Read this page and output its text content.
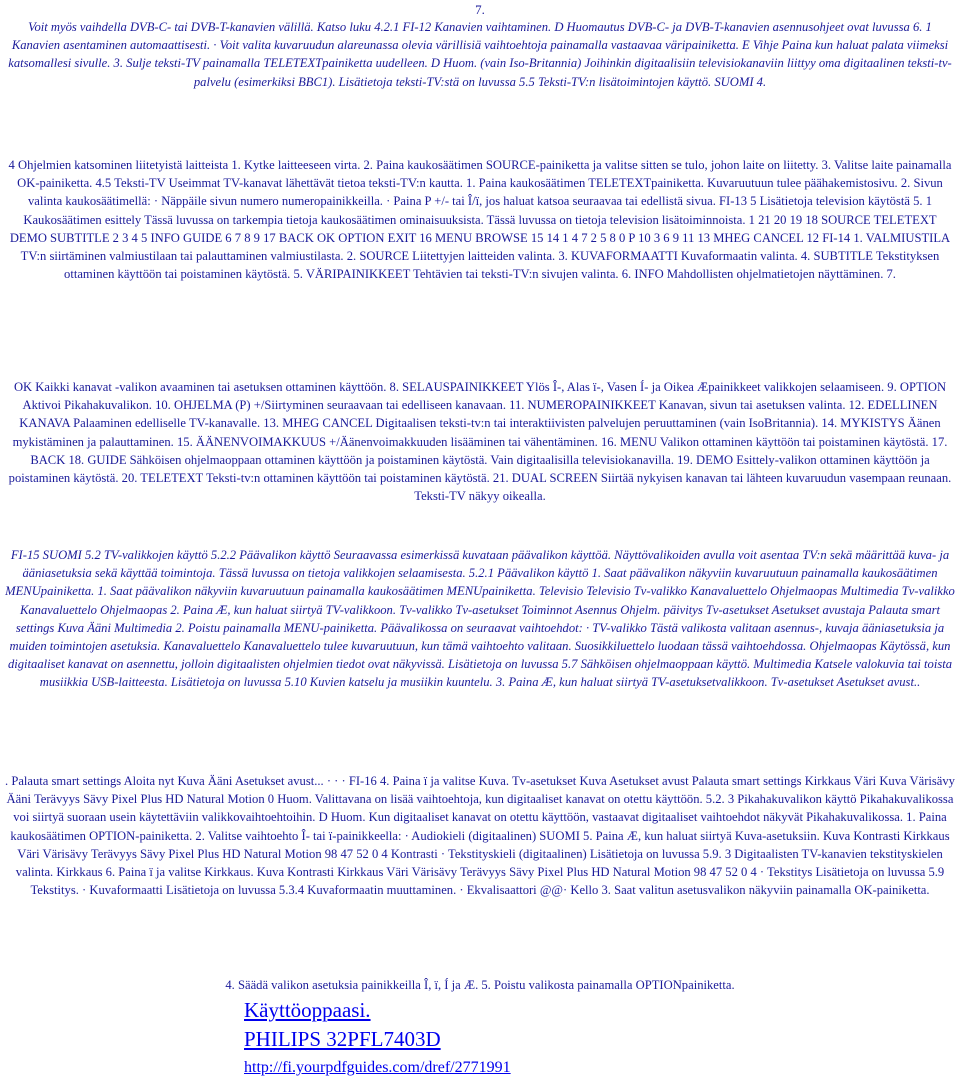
7.

Voit myös vaihdella DVB-C- tai DVB-T-kanavien välillä. Katso luku 4.2.1 FI-12 Kanavien vaihtaminen. D Huomautus DVB-C- ja DVB-T-kanavien asennusohjeet ovat luvussa 6. 1 Kanavien asentaminen automaattisesti. · Voit valita kuvaruudun alareunassa olevia värillisiä vaihtoehtoja painamalla vastaavaa väripainiketta. E Vihje Paina kun haluat palata viimeksi katsomallesi sivulle. 3. Sulje teksti-TV painamalla TELETEXTpainiketta uudelleen. D Huom. (vain Iso-Britannia) Joihinkin digitaalisiin televisiokanaviin liittyy oma digitaalinen teksti-tv-palvelu (esimerkiksi BBC1). Lisätietoja teksti-TV:stä on luvussa 5.5 Teksti-TV:n lisätoimintojen käyttö. SUOMI 4.

4 Ohjelmien katsominen liitetyistä laitteista 1. Kytke laitteeseen virta. 2. Paina kaukosäätimen SOURCE-painiketta ja valitse sitten se tulo, johon laite on liitetty. 3. Valitse laite painamalla OK-painiketta. 4.5 Teksti-TV Useimmat TV-kanavat lähettävät tietoa teksti-TV:n kautta. 1. Paina kaukosäätimen TELETEXTpainiketta. Kuvaruutuun tulee päähakemistosivu. 2. Sivun valinta kaukosäätimellä: · Näppäile sivun numero numeropainikkeilla. · Paina P +/- tai Î/ï, jos haluat katsoa seuraavaa tai edellistä sivua. FI-13 5 Lisätietoja television käytöstä 5. 1 Kaukosäätimen esittely Tässä luvussa on tarkempia tietoja kaukosäätimen ominaisuuksista. Tässä luvussa on tietoja television lisätoiminnoista. 1 21 20 19 18 SOURCE TELETEXT DEMO SUBTITLE 2 3 4 5 INFO GUIDE 6 7 8 9 17 BACK OK OPTION EXIT 16 MENU BROWSE 15 14 1 4 7 2 5 8 0 P 10 3 6 9 11 13 MHEG CANCEL 12 FI-14 1. VALMIUSTILA TV:n siirtäminen valmiustilaan tai palauttaminen valmiustilasta. 2. SOURCE Liitettyjen laitteiden valinta. 3. KUVAFORMAATTI Kuvaformaatin valinta. 4. SUBTITLE Tekstityksen ottaminen käyttöön tai poistaminen käytöstä. 5. VÄRIPAINIKKEET Tehtävien tai teksti-TV:n sivujen valinta. 6. INFO Mahdollisten ohjelmatietojen näyttäminen. 7.

OK Kaikki kanavat -valikon avaaminen tai asetuksen ottaminen käyttöön. 8. SELAUSPAINIKKEET Ylös Î-, Alas ï-, Vasen Í- ja Oikea Æpainikkeet valikkojen selaamiseen. 9. OPTION Aktivoi Pikahakuvalikon. 10. OHJELMA (P) +/Siirtyminen seuraavaan tai edelliseen kanavaan. 11. NUMEROPAINIKKEET Kanavan, sivun tai asetuksen valinta. 12. EDELLINEN KANAVA Palaaminen edelliselle TV-kanavalle. 13. MHEG CANCEL Digitaalisen teksti-tv:n tai interaktiivisten palvelujen peruuttaminen (vain IsoBritannia). 14. MYKISTYS Äänen mykistäminen ja palauttaminen. 15. ÄÄNENVOIMAKKUUS +/Äänenvoimakkuuden lisääminen tai vähentäminen. 16. MENU Valikon ottaminen käyttöön tai poistaminen käytöstä. 17. BACK 18. GUIDE Sähköisen ohjelmaoppaan ottaminen käyttöön ja poistaminen käytöstä. Vain digitaalisilla televisiokanavilla. 19. DEMO Esittely-valikon ottaminen käyttöön ja poistaminen käytöstä. 20. TELETEXT Teksti-tv:n ottaminen käyttöön tai poistaminen käytöstä. 21. DUAL SCREEN Siirtää nykyisen kanavan tai lähteen kuvaruudun vasempaan reunaan. Teksti-TV näkyy oikealla.

FI-15 SUOMI 5.2 TV-valikkojen käyttö 5.2.2 Päävalikon käyttö Seuraavassa esimerkissä kuvataan päävalikon käyttöä. Näyttövalikoiden avulla voit asentaa TV:n sekä määrittää kuva- ja ääniasetuksia sekä käyttää toimintoja. Tässä luvussa on tietoja valikkojen selaamisesta. 5.2.1 Päävalikon käyttö 1. Saat päävalikon näkyviin kuvaruutuun painamalla kaukosäätimen MENUpainiketta. 1. Saat päävalikon näkyviin kuvaruutuun painamalla kaukosäätimen MENUpainiketta. Televisio Televisio Tv-valikko Kanavaluettelo Ohjelmaopas Multimedia Tv-valikko Kanavaluettelo Ohjelmaopas 2. Paina Æ, kun haluat siirtyä TV-valikkoon. Tv-valikko Tv-asetukset Toiminnot Asennus Ohjelm. päivitys Tv-asetukset Asetukset avustaja Palauta smart settings Kuva Ääni Multimedia 2. Poistu painamalla MENU-painiketta. Päävalikossa on seuraavat vaihtoehdot: · TV-valikko Tästä valikosta valitaan asennus-, kuvaja ääniasetuksia ja muiden toimintojen asetuksia. Kanavaluettelo Kanavaluettelo tulee kuvaruutuun, kun tämä vaihtoehto valitaan. Suosikkiluettelo luodaan tässä vaihtoehdossa. Ohjelmaopas Käytössä, kun digitaaliset kanavat on asennettu, jolloin digitaalisten ohjelmien tiedot ovat näkyvissä. Lisätietoja on luvussa 5.7 Sähköisen ohjelmaoppaan käyttö. Multimedia Katsele valokuvia tai toista musiikkia USB-laitteesta. Lisätietoja on luvussa 5.10 Kuvien katselu ja musiikin kuuntelu. 3. Paina Æ, kun haluat siirtyä TV-asetuksetvalikkoon. Tv-asetukset Asetukset avust..

. Palauta smart settings Aloita nyt Kuva Ääni Asetukset avust... · · · FI-16 4. Paina ï ja valitse Kuva. Tv-asetukset Kuva Asetukset avust Palauta smart settings Kirkkaus Väri Kuva Värisävy Ääni Terävyys Sävy Pixel Plus HD Natural Motion 0 Huom. Valittavana on lisää vaihtoehtoja, kun digitaaliset kanavat on otettu käyttöön. 5.2. 3 Pikahakuvalikon käyttö Pikahakuvalikossa voi siirtyä suoraan usein käytettäviin valikkovaihtoehtoihin. D Huom. Kun digitaaliset kanavat on otettu käyttöön, vastaavat digitaaliset vaihtoehdot näkyvät Pikahakuvalikossa. 1. Paina kaukosäätimen OPTION-painiketta. 2. Valitse vaihtoehto Î- tai ï-painikkeella: · Audiokieli (digitaalinen) SUOMI 5. Paina Æ, kun haluat siirtyä Kuva-asetuksiin. Kuva Kontrasti Kirkkaus Väri Värisävy Terävyys Sävy Pixel Plus HD Natural Motion 98 47 52 0 4 Kontrasti · Tekstityskieli (digitaalinen) Lisätietoja on luvussa 5.9. 3 Digitaalisten TV-kanavien tekstityskielen valinta. Kirkkaus 6. Paina ï ja valitse Kirkkaus. Kuva Kontrasti Kirkkaus Väri Värisävy Terävyys Sävy Pixel Plus HD Natural Motion 98 47 52 0 4 · Tekstitys Lisätietoja on luvussa 5.9 Tekstitys. · Kuvaformaatti Lisätietoja on luvussa 5.3.4 Kuvaformaatin muuttaminen. · Ekvalisaattori @@· Kello 3. Saat valitun asetusvalikon näkyviin painamalla OK-painiketta.

4. Säädä valikon asetuksia painikkeilla Î, ï, Í ja Æ. 5. Poistu valikosta painamalla OPTIONpainiketta.

Käyttöoppaasi.
PHILIPS 32PFL7403D
http://fi.yourpdfguides.com/dref/2771991
